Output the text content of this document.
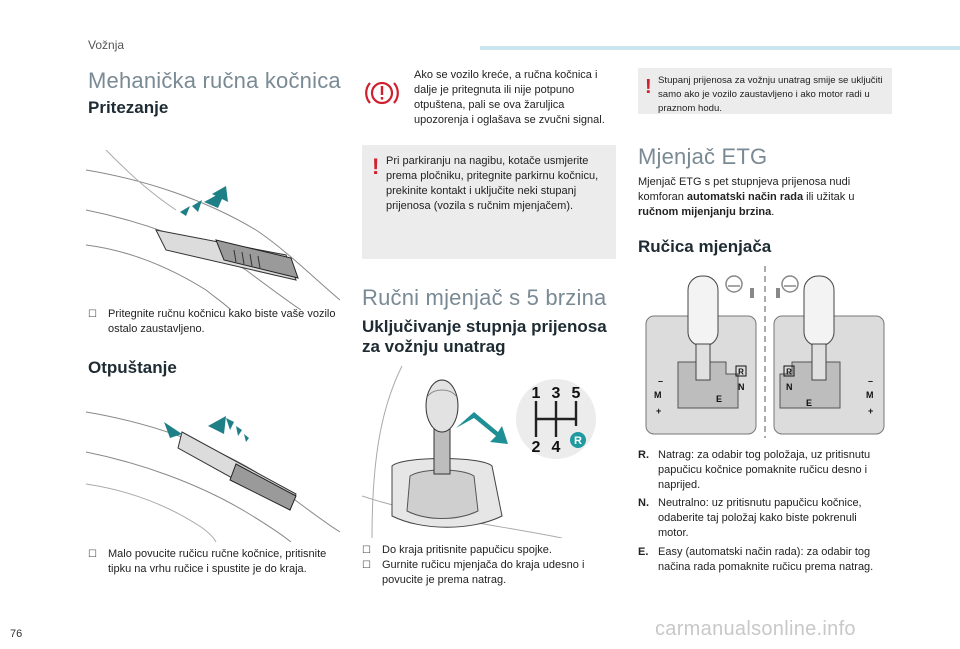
Vožnja
Mehanička ručna kočnica
Pritezanje
☐ Pritegnite ručnu kočnicu kako biste vaše vozilo ostalo zaustavljeno.
Otpuštanje
☐ Malo povucite ručicu ručne kočnice, pritisnite tipku na vrhu ručice i spustite je do kraja.
Ako se vozilo kreće, a ručna kočnica i dalje je pritegnuta ili nije potpuno otpuštena, pali se ova žaruljica upozorenja i oglašava se zvučni signal.
! Pri parkiranju na nagibu, kotače usmjerite prema pločniku, pritegnite parkirnu kočnicu, prekinite kontakt i uključite neki stupanj prijenosa (vozila s ručnim mjenjačem).
Ručni mjenjač s 5 brzina
Uključivanje stupnja prijenosa za vožnju unatrag
1 3 5
2 4 R
☐ Do kraja pritisnite papučicu spojke.
☐ Gurnite ručicu mjenjača do kraja udesno i povucite je prema natrag.
! Stupanj prijenosa za vožnju unatrag smije se uključiti samo ako je vozilo zaustavljeno i ako motor radi u praznom hodu.
Mjenjač ETG
Mjenjač ETG s pet stupnjeva prijenosa nudi komforan automatski način rada ili užitak u ručnom mijenjanju brzina.
Ručica mjenjača
–
M
+
R
N
E
R
N
E
–
M
+
R. Natrag: za odabir tog položaja, uz pritisnutu papučicu kočnice pomaknite ručicu desno i naprijed.
N. Neutralno: uz pritisnutu papučicu kočnice, odaberite taj položaj kako biste pokrenuli motor.
E. Easy (automatski način rada): za odabir tog načina rada pomaknite ručicu prema natrag.
76	carmanualsonline.info
